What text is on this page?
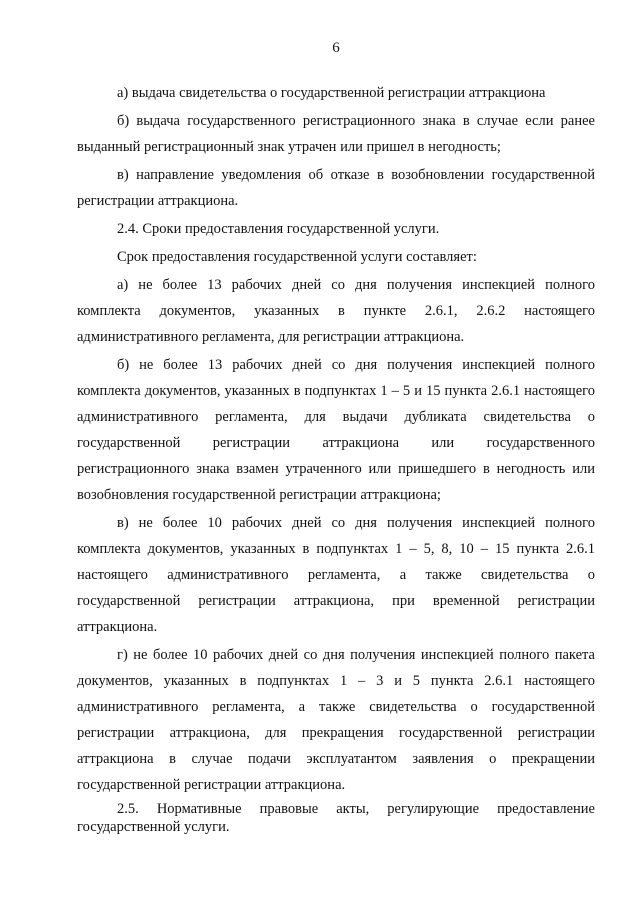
6

а) выдача свидетельства о государственной регистрации аттракциона

б) выдача государственного регистрационного знака в случае если ранее выданный регистрационный знак утрачен или пришел в негодность;

в) направление уведомления об отказе в возобновлении государственной регистрации аттракциона.

2.4. Сроки предоставления государственной услуги.

Срок предоставления государственной услуги составляет:

а) не более 13 рабочих дней со дня получения инспекцией полного комплекта документов, указанных в пункте 2.6.1, 2.6.2 настоящего административного регламента, для регистрации аттракциона.

б) не более 13 рабочих дней со дня получения инспекцией полного комплекта документов, указанных в подпунктах 1 – 5 и 15 пункта 2.6.1 настоящего административного регламента, для выдачи дубликата свидетельства о государственной регистрации аттракциона или государственного регистрационного знака взамен утраченного или пришедшего в негодность или возобновления государственной регистрации аттракциона;

в) не более 10 рабочих дней со дня получения инспекцией полного комплекта документов, указанных в подпунктах 1 – 5, 8, 10 – 15 пункта 2.6.1 настоящего административного регламента, а также свидетельства о государственной регистрации аттракциона, при временной регистрации аттракциона.

г) не более 10 рабочих дней со дня получения инспекцией полного пакета документов, указанных в подпунктах 1 – 3 и 5 пункта 2.6.1 настоящего административного регламента, а также свидетельства о государственной регистрации аттракциона, для прекращения государственной регистрации аттракциона в случае подачи эксплуатантом заявления о прекращении государственной регистрации аттракциона.

2.5. Нормативные правовые акты, регулирующие предоставление государственной услуги.
